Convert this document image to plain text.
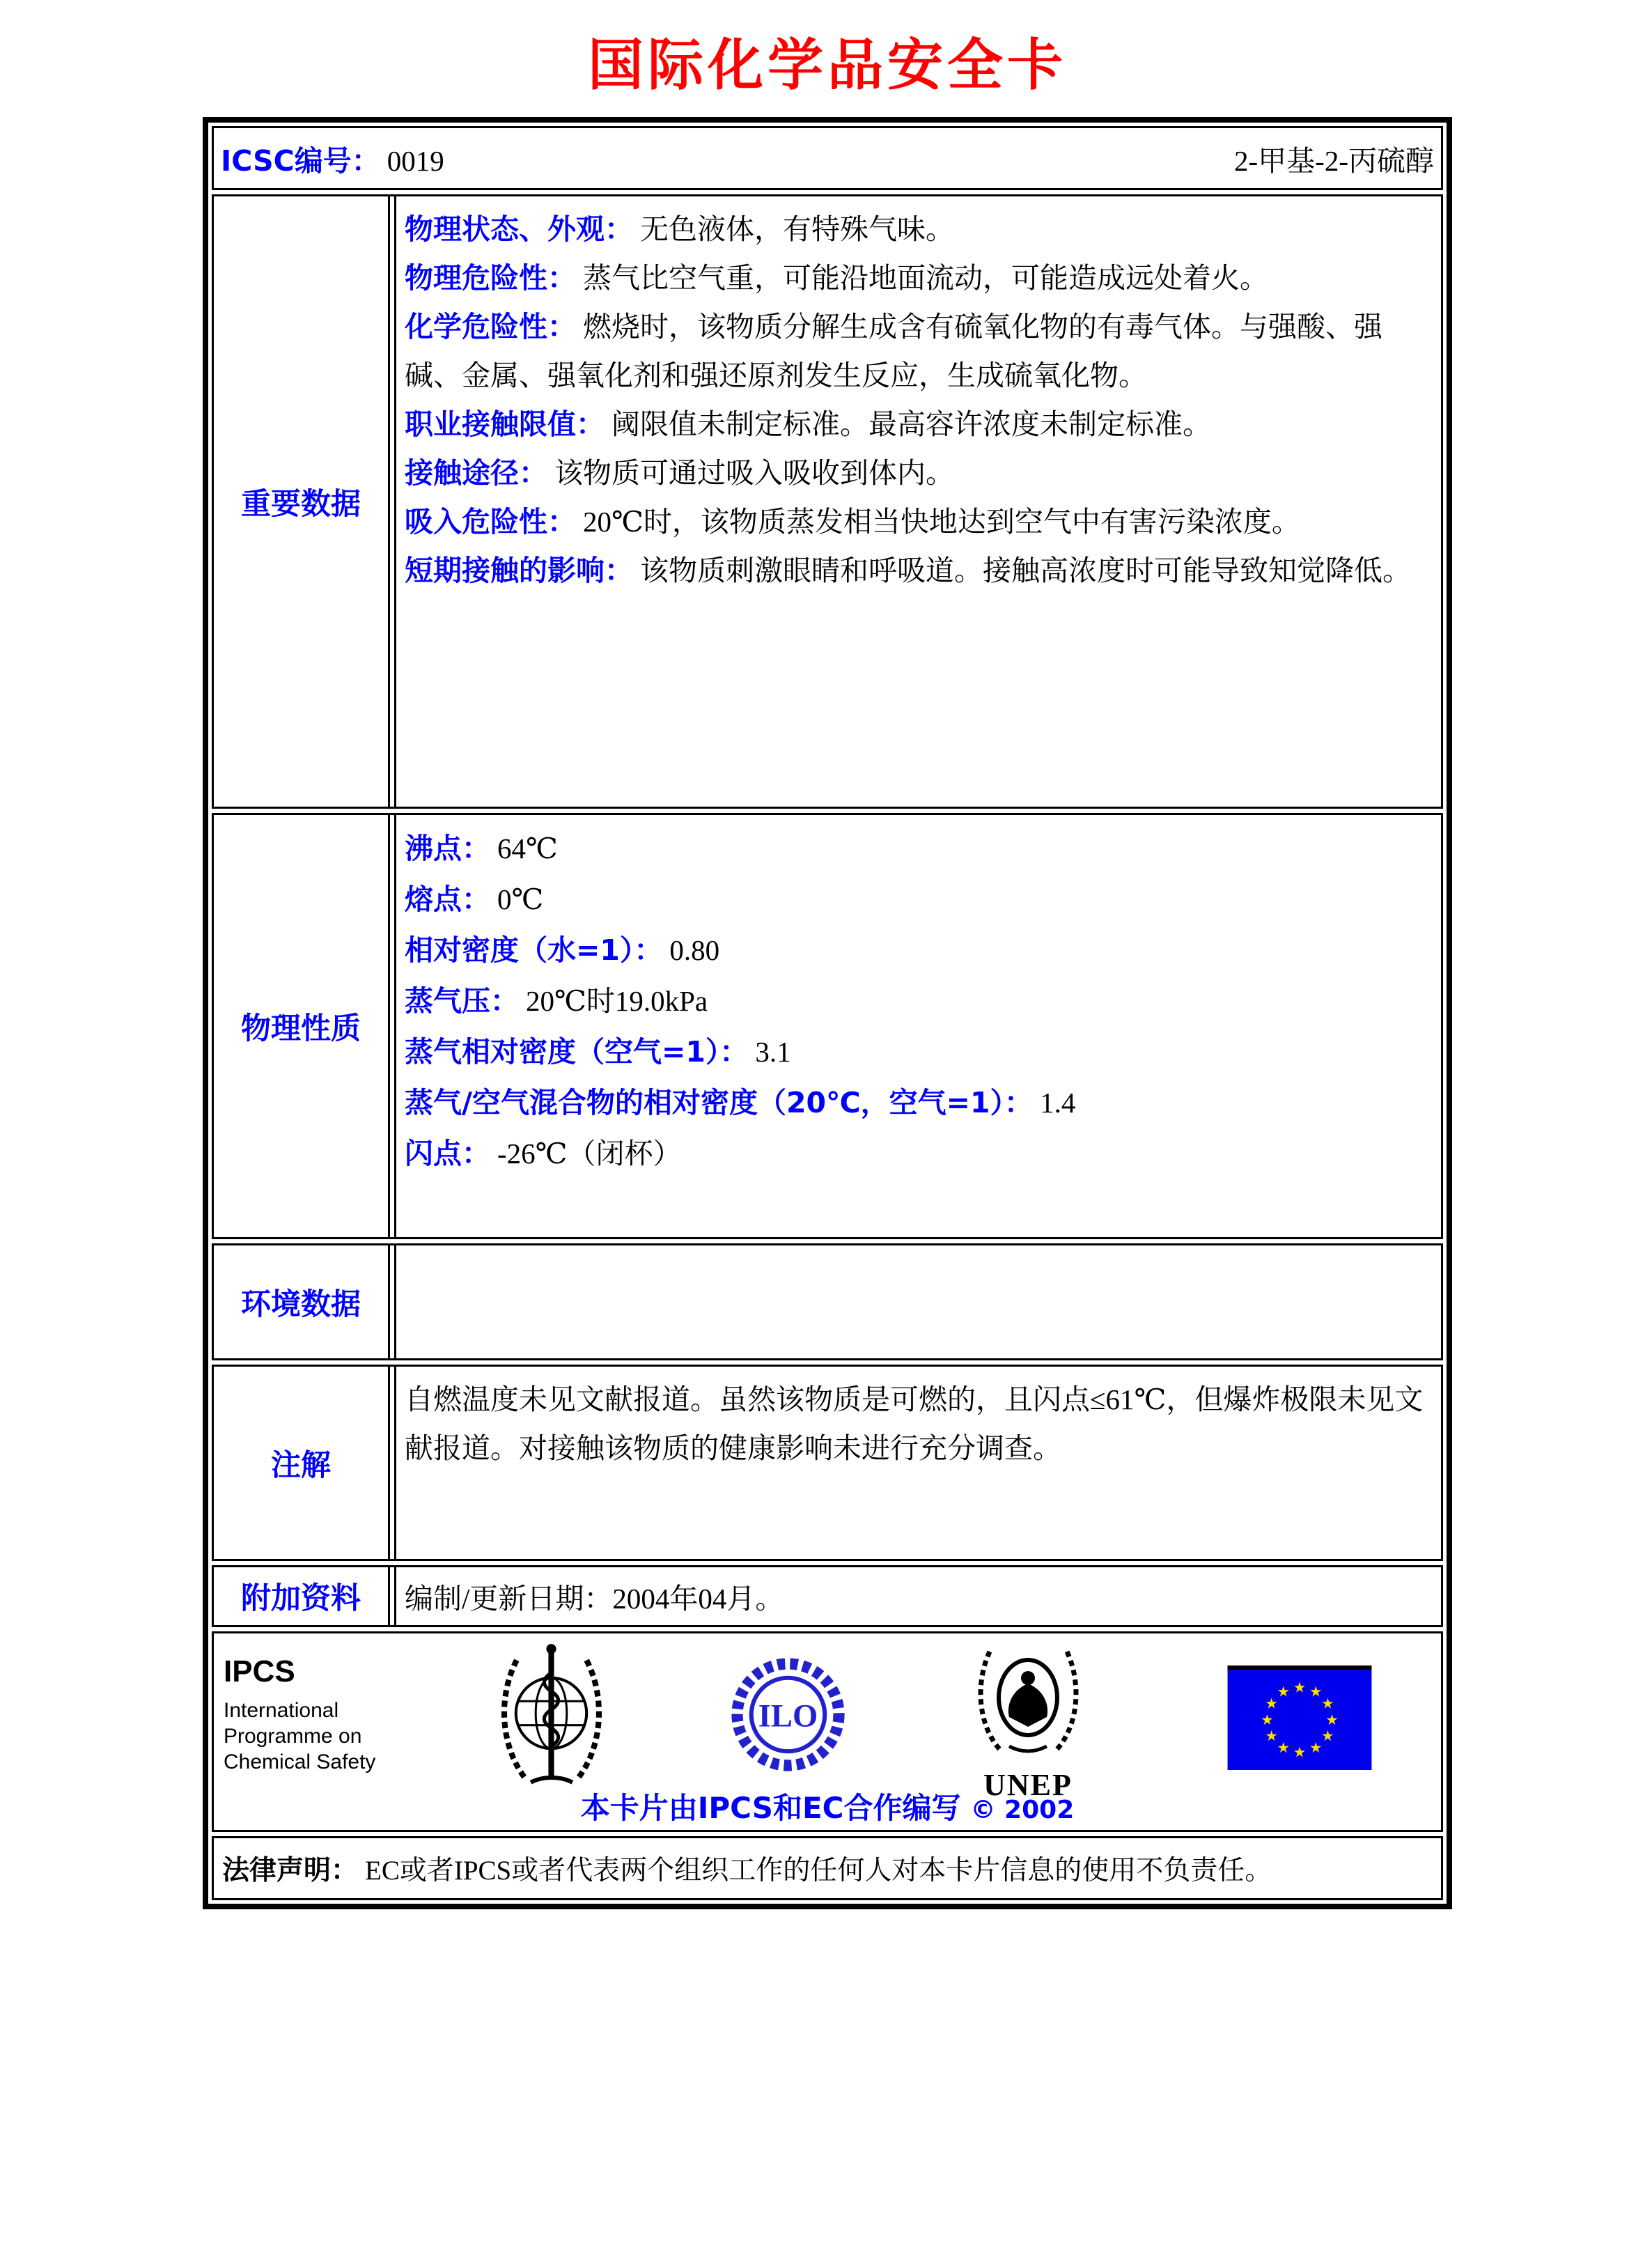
国际化学品安全卡
ICSC编号： 0019	2-甲基-2-丙硫醇
重要数据
物理状态、外观： 无色液体，有特殊气味。
物理危险性： 蒸气比空气重，可能沿地面流动，可能造成远处着火。
化学危险性： 燃烧时，该物质分解生成含有硫氧化物的有毒气体。与强酸、强碱、金属、强氧化剂和强还原剂发生反应，生成硫氧化物。
职业接触限值： 阈限值未制定标准。最高容许浓度未制定标准。
接触途径： 该物质可通过吸入吸收到体内。
吸入危险性： 20℃时，该物质蒸发相当快地达到空气中有害污染浓度。
短期接触的影响： 该物质刺激眼睛和呼吸道。接触高浓度时可能导致知觉降低。
物理性质
沸点： 64℃
熔点： 0℃
相对密度（水=1）： 0.80
蒸气压： 20℃时19.0kPa
蒸气相对密度（空气=1）： 3.1
蒸气/空气混合物的相对密度（20℃，空气=1）： 1.4
闪点： -26℃（闭杯）
环境数据
注解
自燃温度未见文献报道。虽然该物质是可燃的，且闪点≤61℃，但爆炸极限未见文献报道。对接触该物质的健康影响未进行充分调查。
附加资料	编制/更新日期：2004年04月。
IPCS
International
Programme on
Chemical Safety
ILO
UNEP
★ ★
★
★
★
★
★
★
★
★
★
★
本卡片由IPCS和EC合作编写 © 2002
法律声明： EC或者IPCS或者代表两个组织工作的任何人对本卡片信息的使用不负责任。
